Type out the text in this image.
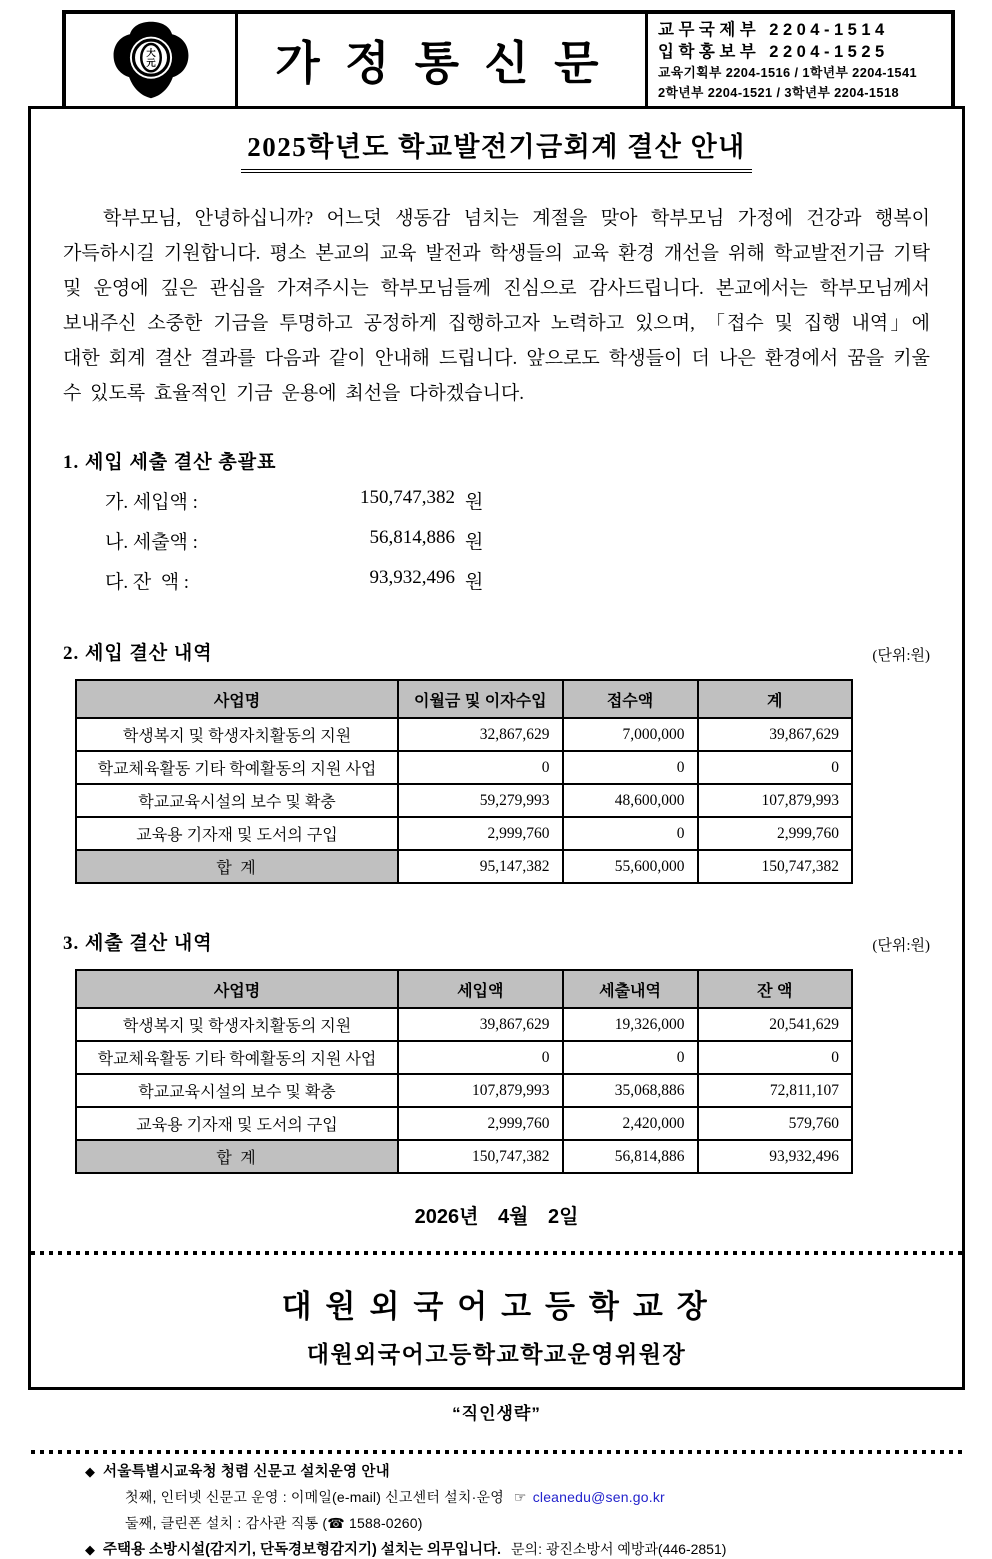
大
元	가정통신문
교무국제부 2204-1514
입학홍보부 2204-1525
교육기획부 2204-1516 / 1학년부 2204-1541
2학년부 2204-1521 / 3학년부 2204-1518
2025학년도 학교발전기금회계 결산 안내

학부모님, 안녕하십니까? 어느덧 생동감 넘치는 계절을 맞아 학부모님 가정에 건강과 행복이 가득하시길 기원합니다. 평소 본교의 교육 발전과 학생들의 교육 환경 개선을 위해 학교발전기금 기탁 및 운영에 깊은 관심을 가져주시는 학부모님들께 진심으로 감사드립니다. 본교에서는 학부모님께서 보내주신 소중한 기금을 투명하고 공정하게 집행하고자 노력하고 있으며, 「접수 및 집행 내역」에 대한 회계 결산 결과를 다음과 같이 안내해 드립니다. 앞으로도 학생들이 더 나은 환경에서 꿈을 키울 수 있도록 효율적인 기금 운용에 최선을 다하겠습니다.

1. 세입 세출 결산 총괄표
가. 세입액 :	150,747,382 원
나. 세출액 :	56,814,886 원
다. 잔  액 :	93,932,496 원
2. 세입 결산 내역	(단위:원)
사업명	이월금 및 이자수입	접수액	계
학생복지 및 학생자치활동의 지원	32,867,629	7,000,000	39,867,629
학교체육활동 기타 학예활동의 지원 사업	0	0	0
학교교육시설의 보수 및 확충	59,279,993	48,600,000	107,879,993
교육용 기자재 및 도서의 구입	2,999,760	0	2,999,760
합 계	95,147,382	55,600,000	150,747,382
3. 세출 결산 내역	(단위:원)
사업명	세입액	세출내역	잔 액
학생복지 및 학생자치활동의 지원	39,867,629	19,326,000	20,541,629
학교체육활동 기타 학예활동의 지원 사업	0	0	0
학교교육시설의 보수 및 확충	107,879,993	35,068,886	72,811,107
교육용 기자재 및 도서의 구입	2,999,760	2,420,000	579,760
합 계	150,747,382	56,814,886	93,932,496
2026년 4월 2일
대원외국어고등학교장
대원외국어고등학교학교운영위원장
“직인생략”
◆ 서울특별시교육청 청렴 신문고 설치운영 안내
첫째, 인터넷 신문고 운영 : 이메일(e-mail) 신고센터 설치·운영 ☞ cleanedu@sen.go.kr
둘째, 클린폰 설치 : 감사관 직통 (☎ 1588-0260)
◆ 주택용 소방시설(감지기, 단독경보형감지기) 설치는 의무입니다. 문의: 광진소방서 예방과(446-2851)
